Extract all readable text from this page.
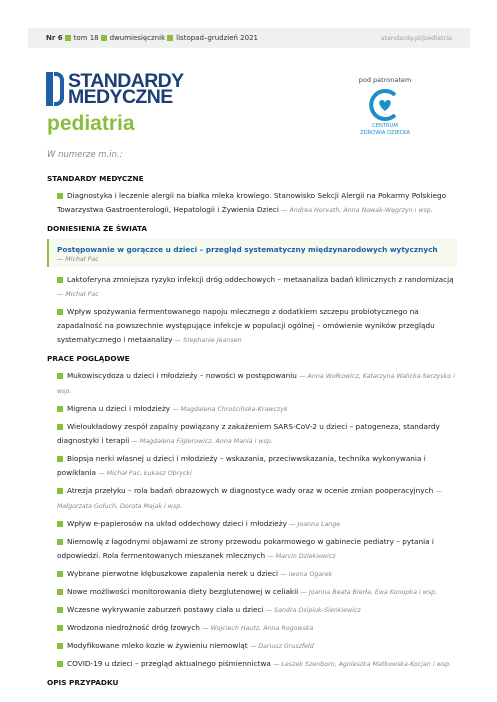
Nr 6 tom 18 dwumiesięcznik listopad–grudzień 2021	standardy.pl/pediatria
STANDARDY
MEDYCZNE
pediatria
pod patronatem
CENTRUM
ZDROWIA DZIECKA
W numerze m.in.:
STANDARDY MEDYCZNE
Diagnostyka i leczenie alergii na białka mleka krowiego. Stanowisko Sekcji Alergii na Pokarmy Polskiego Towarzystwa Gastroenterologii, Hepatologii i Żywienia Dzieci — Andrea Horvath, Anna Nowak-Węgrzyn i wsp.
DONIESIENIA ZE ŚWIATA
Postępowanie w gorączce u dzieci – przegląd systematyczny międzynarodowych wytycznych
— Michał Pac
Laktoferyna zmniejsza ryzyko infekcji dróg oddechowych – metaanaliza badań klinicznych z randomizacją — Michał Pac
Wpływ spożywania fermentowanego napoju mlecznego z dodatkiem szczepu probiotycznego na zapadalność na powszechnie występujące infekcje w populacji ogólnej – omówienie wyników przeglądu systematycznego i metaanalizy — Stephanie Jeansen
PRACE POGLĄDOWE
Mukowiscydoza u dzieci i młodzieży – nowości w postępowaniu — Anna Wołkowicz, Katarzyna Walicka-Serzysko i wsp.
Migrena u dzieci i młodzieży — Magdalena Chrościńska-Krawczyk
Wieloukładowy zespół zapalny powiązany z zakażeniem SARS-CoV-2 u dzieci – patogeneza, standardy diagnostyki i terapii — Magdalena Figlerowicz, Anna Mania i wsp.
Biopsja nerki własnej u dzieci i młodzieży – wskazania, przeciwwskazania, technika wykonywania i powikłania — Michał Pac, Łukasz Obrycki
Atrezja przełyku – rola badań obrazowych w diagnostyce wady oraz w ocenie zmian pooperacyjnych — Małgorzata Gołuch, Dorota Majak i wsp.
Wpływ e-papierosów na układ oddechowy dzieci i młodzieży — Joanna Lange
Niemowlę z łagodnymi objawami ze strony przewodu pokarmowego w gabinecie pediatry – pytania i odpowiedzi. Rola fermentowanych mieszanek mlecznych — Marcin Dziekiewicz
Wybrane pierwotne kłębuszkowe zapalenia nerek u dzieci — Iwona Ogarek
Nowe możliwości monitorowania diety bezglutenowej w celiakii — Joanna Beata Bierła, Ewa Konopka i wsp.
Wczesne wykrywanie zaburzeń postawy ciała u dzieci — Sandra Osipiuk-Sienkiewicz
Wrodzona niedrożność dróg łzowych — Wojciech Hautz, Anna Rogowska
Modyfikowane mleko kozie w żywieniu niemowląt — Dariusz Gruszfeld
COVID-19 u dzieci – przegląd aktualnego piśmiennictwa — Leszek Szenborn, Agnieszka Matkowska-Kocjan i wsp.
OPIS PRZYPADKU
